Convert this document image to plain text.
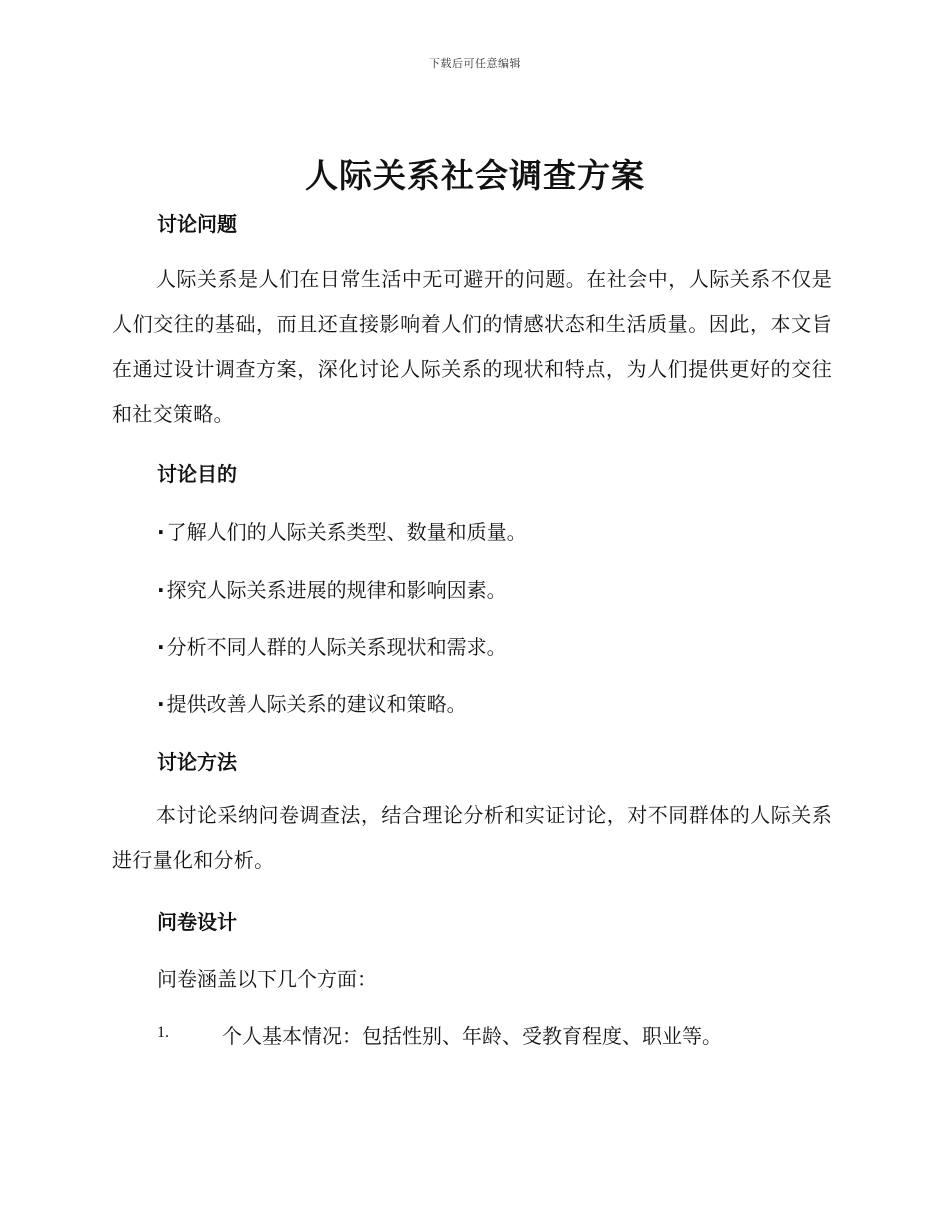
下载后可任意编辑
人际关系社会调查方案
讨论问题
人际关系是人们在日常生活中无可避开的问题。在社会中，人际关系不仅是人们交往的基础，而且还直接影响着人们的情感状态和生活质量。因此，本文旨在通过设计调查方案，深化讨论人际关系的现状和特点，为人们提供更好的交往和社交策略。
讨论目的
· 了解人们的人际关系类型、数量和质量。
· 探究人际关系进展的规律和影响因素。
· 分析不同人群的人际关系现状和需求。
· 提供改善人际关系的建议和策略。
讨论方法
本讨论采纳问卷调查法，结合理论分析和实证讨论，对不同群体的人际关系进行量化和分析。
问卷设计
问卷涵盖以下几个方面：
1.	个人基本情况：包括性别、年龄、受教育程度、职业等。
